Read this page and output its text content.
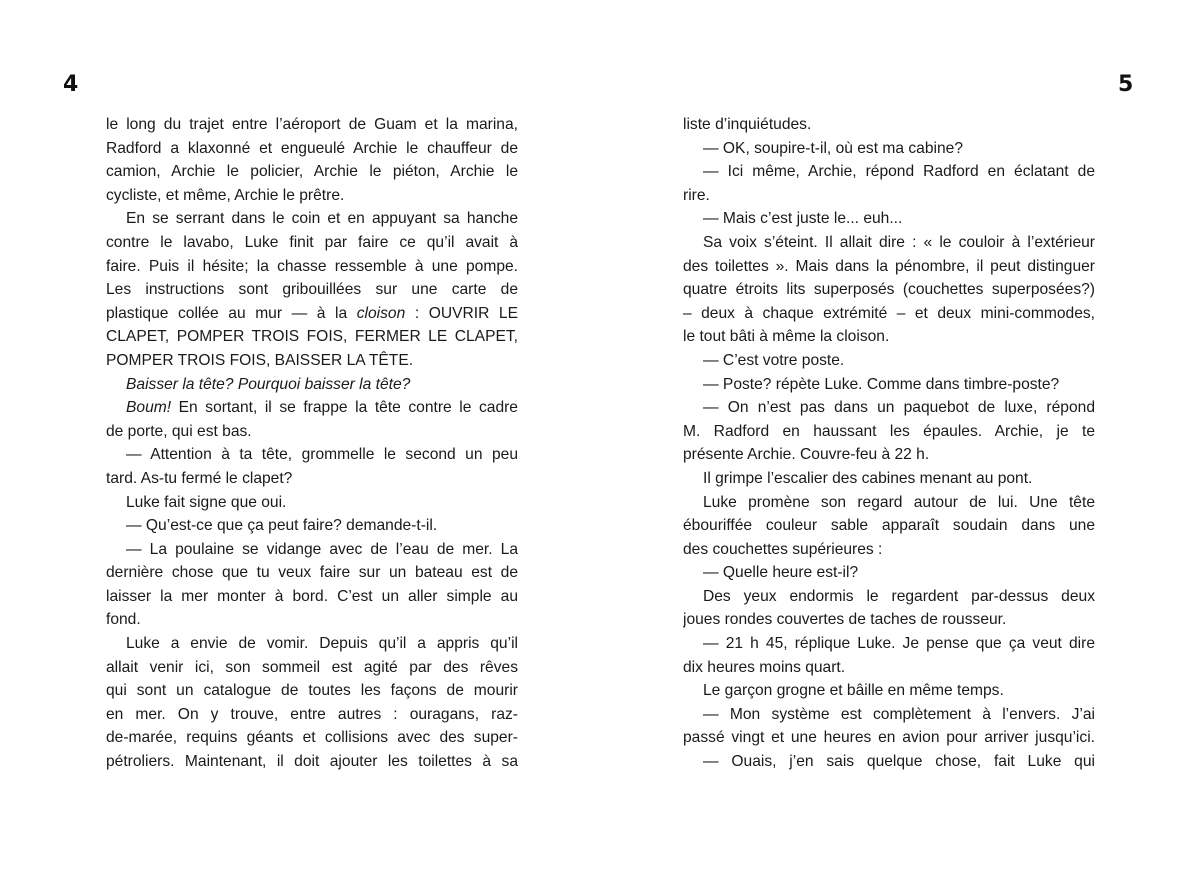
4	5
le long du trajet entre l’aéroport de Guam et la marina,
Radford a klaxonné et engueulé Archie le chauffeur de
camion, Archie le policier, Archie le piéton, Archie le
cycliste, et même, Archie le prêtre.
En se serrant dans le coin et en appuyant sa hanche
contre le lavabo, Luke finit par faire ce qu’il avait à
faire. Puis il hésite; la chasse ressemble à une pompe.
Les instructions sont gribouillées sur une carte de
plastique collée au mur — à la cloison : OUVRIR LE
CLAPET, POMPER TROIS FOIS, FERMER LE CLAPET,
POMPER TROIS FOIS, BAISSER LA TÊTE.
Baisser la tête? Pourquoi baisser la tête?
Boum! En sortant, il se frappe la tête contre le cadre
de porte, qui est bas.
— Attention à ta tête, grommelle le second un peu
tard. As-tu fermé le clapet?
Luke fait signe que oui.
— Qu’est-ce que ça peut faire? demande-t-il.
— La poulaine se vidange avec de l’eau de mer. La
dernière chose que tu veux faire sur un bateau est de
laisser la mer monter à bord. C’est un aller simple au
fond.
Luke a envie de vomir. Depuis qu’il a appris qu’il
allait venir ici, son sommeil est agité par des rêves
qui sont un catalogue de toutes les façons de mourir
en mer. On y trouve, entre autres : ouragans, raz-
de-marée, requins géants et collisions avec des super-
pétroliers. Maintenant, il doit ajouter les toilettes à sa
liste d’inquiétudes.
— OK, soupire-t-il, où est ma cabine?
— Ici même, Archie, répond Radford en éclatant de
rire.
— Mais c’est juste le... euh...
Sa voix s’éteint. Il allait dire : « le couloir à l’extérieur
des toilettes ». Mais dans la pénombre, il peut distinguer
quatre étroits lits superposés (couchettes superposées?)
– deux à chaque extrémité – et deux mini-commodes,
le tout bâti à même la cloison.
— C’est votre poste.
— Poste? répète Luke. Comme dans timbre-poste?
— On n’est pas dans un paquebot de luxe, répond
M. Radford en haussant les épaules. Archie, je te
présente Archie. Couvre-feu à 22 h.
Il grimpe l’escalier des cabines menant au pont.
Luke promène son regard autour de lui. Une tête
ébouriffée couleur sable apparaît soudain dans une
des couchettes supérieures :
— Quelle heure est-il?
Des yeux endormis le regardent par-dessus deux
joues rondes couvertes de taches de rousseur.
— 21 h 45, réplique Luke. Je pense que ça veut dire
dix heures moins quart.
Le garçon grogne et bâille en même temps.
— Mon système est complètement à l’envers. J’ai
passé vingt et une heures en avion pour arriver jusqu’ici.
— Ouais, j’en sais quelque chose, fait Luke qui
